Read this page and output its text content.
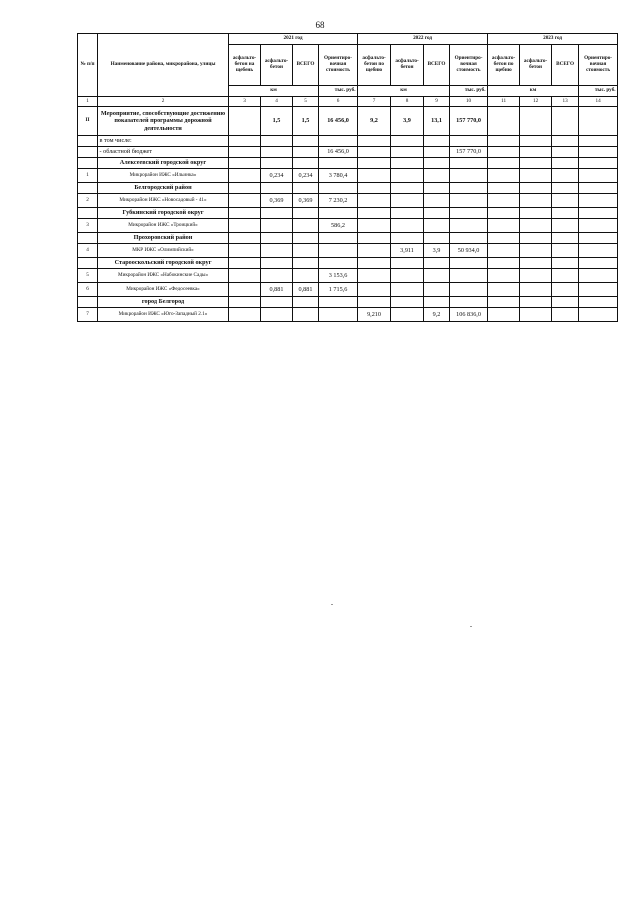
68
№ п/п	Наименование района, микрорайона, улицы	2021 год				2022 год				2023 год			
		асфальто-бетон на щебень	асфальто-бетон	ВСЕГО	Ориентиро-вочная стоимость	асфальто-бетон по щебню	асфальто-бетон	ВСЕГО	Ориентиро-вочная стоимость	асфальто-бетон по щебню	асфальто-бетон	ВСЕГО	Ориентиро-вочная стоимость
		км			тыс. руб.	км			тыс. руб.	км			тыс. руб.
1	2	3	4	5	6	7	8	9	10	11	12	13	14
II	Мероприятие, способствующие достижению показателей программы дорожной деятельности		1,5	1,5	16 456,0	9,2	3,9	13,1	157 770,0				
	в том числе:												
	- областной бюджет				16 456,0				157 770,0				
	Алексеевский городской округ												
1	Микрорайон ИЖС «Ильинка»		0,234	0,234	3 780,4								
	Белгородский район												
2	Микрорайон ИЖС «Новосадовый - 41»		0,369	0,369	7 230,2								
	Губкинский городской округ												
3	Микрорайон ИЖС «Троицкий»				586,2								
	Прохоровский район												
4	МКР ИЖС «Олимпийский»						3,911	3,9	50 934,0				
	Старооскольский городской округ												
5	Микрорайон ИЖС «Набокинские Сады»				3 153,6								
6	Микрорайон ИЖС «Федосеевка»		0,881	0,881	1 715,6								
	город Белгород												
7	Микрорайон ИЖС «Юго-Западный 2.1»					9,210		9,2	106 836,0				
